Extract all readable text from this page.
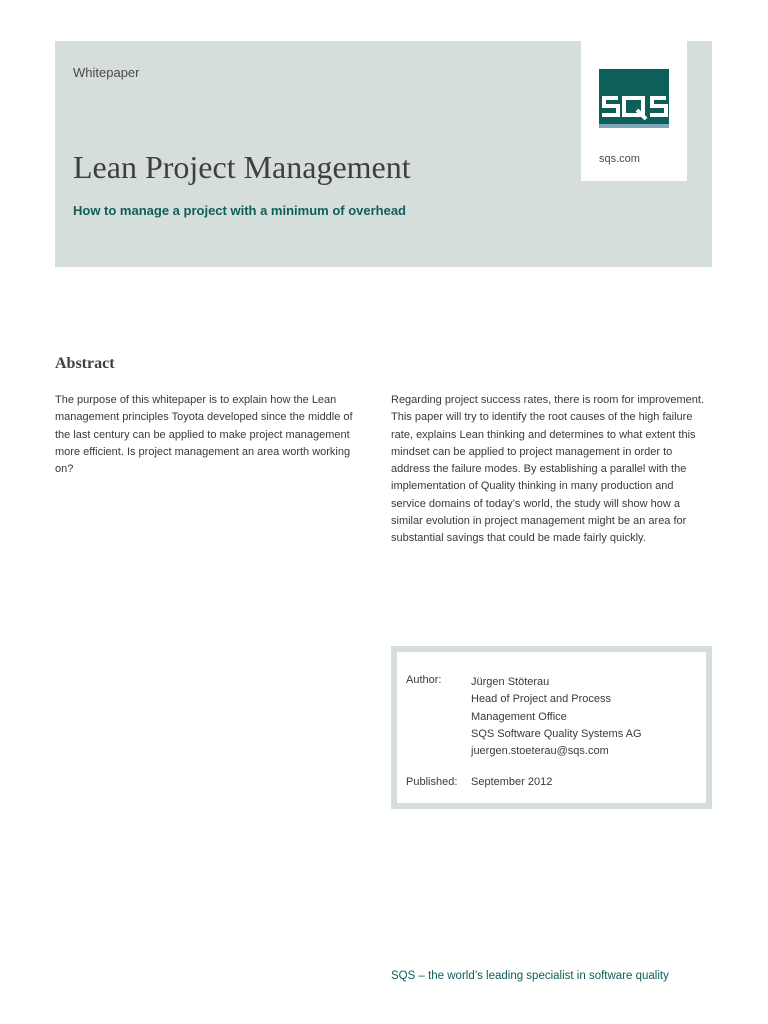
Whitepaper
Lean Project Management
How to manage a project with a minimum of overhead
sqs.com
Abstract
The purpose of this whitepaper is to explain how the Lean management principles Toyota developed since the middle of the last century can be applied to make project management more efficient. Is project management an area worth working on?
Regarding project success rates, there is room for improvement. This paper will try to identify the root causes of the high failure rate, explains Lean thinking and determines to what extent this mindset can be applied to project management in order to address the failure modes. By establishing a parallel with the implementation of Quality thinking in many production and service domains of today’s world, the study will show how a similar evolution in project management might be an area for substantial savings that could be made fairly quickly.
Author:	Jürgen Stöterau
Head of Project and Process
Management Office
SQS Software Quality Systems AG
juergen.stoeterau@sqs.com
Published:	September 2012
SQS – the world’s leading specialist in software quality
